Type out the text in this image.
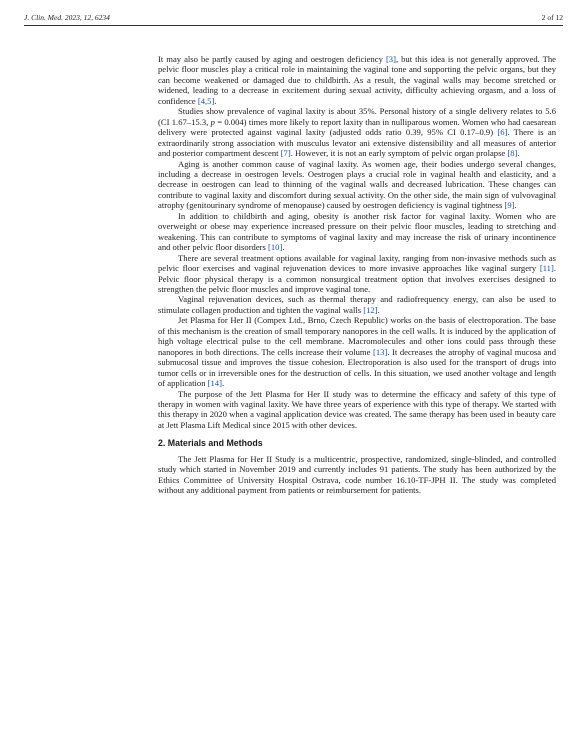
J. Clin. Med. 2023, 12, 6234	2 of 12

It may also be partly caused by aging and oestrogen deficiency [3], but this idea is not generally approved. The pelvic floor muscles play a critical role in maintaining the vaginal tone and supporting the pelvic organs, but they can become weakened or damaged due to childbirth. As a result, the vaginal walls may become stretched or widened, leading to a decrease in excitement during sexual activity, difficulty achieving orgasm, and a loss of confidence [4,5].

Studies show prevalence of vaginal laxity is about 35%. Personal history of a single delivery relates to 5.6 (CI 1.67–15.3, p = 0.004) times more likely to report laxity than in nulliparous women. Women who had caesarean delivery were protected against vaginal laxity (adjusted odds ratio 0.39, 95% CI 0.17–0.9) [6]. There is an extraordinarily strong association with musculus levator ani extensive distensibility and all measures of anterior and posterior compartment descent [7]. However, it is not an early symptom of pelvic organ prolapse [8].

Aging is another common cause of vaginal laxity. As women age, their bodies undergo several changes, including a decrease in oestrogen levels. Oestrogen plays a crucial role in vaginal health and elasticity, and a decrease in oestrogen can lead to thinning of the vaginal walls and decreased lubrication. These changes can contribute to vaginal laxity and discomfort during sexual activity. On the other side, the main sign of vulvovaginal atrophy (genitourinary syndrome of menopause) caused by oestrogen deficiency is vaginal tightness [9].

In addition to childbirth and aging, obesity is another risk factor for vaginal laxity. Women who are overweight or obese may experience increased pressure on their pelvic floor muscles, leading to stretching and weakening. This can contribute to symptoms of vaginal laxity and may increase the risk of urinary incontinence and other pelvic floor disorders [10].

There are several treatment options available for vaginal laxity, ranging from non-invasive methods such as pelvic floor exercises and vaginal rejuvenation devices to more invasive approaches like vaginal surgery [11]. Pelvic floor physical therapy is a common nonsurgical treatment option that involves exercises designed to strengthen the pelvic floor muscles and improve vaginal tone.

Vaginal rejuvenation devices, such as thermal therapy and radiofrequency energy, can also be used to stimulate collagen production and tighten the vaginal walls [12].

Jet Plasma for Her II (Compex Ltd., Brno, Czech Republic) works on the basis of electroporation. The base of this mechanism is the creation of small temporary nanopores in the cell walls. It is induced by the application of high voltage electrical pulse to the cell membrane. Macromolecules and other ions could pass through these nanopores in both directions. The cells increase their volume [13]. It decreases the atrophy of vaginal mucosa and submucosal tissue and improves the tissue cohesion. Electroporation is also used for the transport of drugs into tumor cells or in irreversible ones for the destruction of cells. In this situation, we used another voltage and length of application [14].

The purpose of the Jett Plasma for Her II study was to determine the efficacy and safety of this type of therapy in women with vaginal laxity. We have three years of experience with this type of therapy. We started with this therapy in 2020 when a vaginal application device was created. The same therapy has been used in beauty care at Jett Plasma Lift Medical since 2015 with other devices.

2. Materials and Methods

The Jett Plasma for Her II Study is a multicentric, prospective, randomized, single-blinded, and controlled study which started in November 2019 and currently includes 91 patients. The study has been authorized by the Ethics Committee of University Hospital Ostrava, code number 16.10-TF-JPH II. The study was completed without any additional payment from patients or reimbursement for patients.
